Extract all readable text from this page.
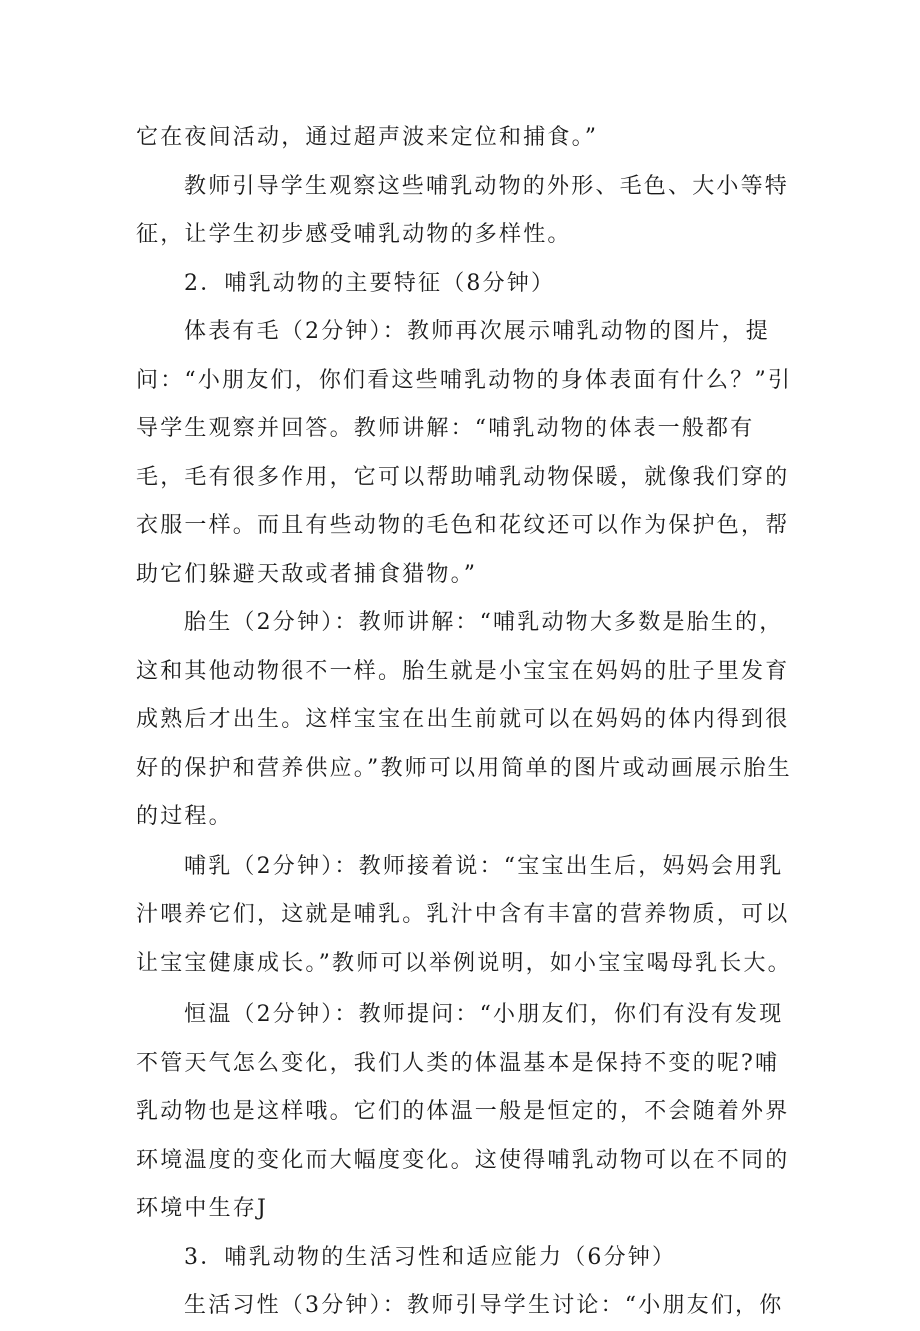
它在夜间活动，通过超声波来定位和捕食。”

教师引导学生观察这些哺乳动物的外形、毛色、大小等特征，让学生初步感受哺乳动物的多样性。

2．哺乳动物的主要特征（8分钟）

体表有毛（2分钟）：教师再次展示哺乳动物的图片，提问：“小朋友们，你们看这些哺乳动物的身体表面有什么？”引导学生观察并回答。教师讲解：“哺乳动物的体表一般都有毛，毛有很多作用，它可以帮助哺乳动物保暖，就像我们穿的衣服一样。而且有些动物的毛色和花纹还可以作为保护色，帮助它们躲避天敌或者捕食猎物。”

胎生（2分钟）：教师讲解：“哺乳动物大多数是胎生的，这和其他动物很不一样。胎生就是小宝宝在妈妈的肚子里发育成熟后才出生。这样宝宝在出生前就可以在妈妈的体内得到很好的保护和营养供应。”教师可以用简单的图片或动画展示胎生的过程。

哺乳（2分钟）：教师接着说：“宝宝出生后，妈妈会用乳汁喂养它们，这就是哺乳。乳汁中含有丰富的营养物质，可以让宝宝健康成长。”教师可以举例说明，如小宝宝喝母乳长大。

恒温（2分钟）：教师提问：“小朋友们，你们有没有发现不管天气怎么变化，我们人类的体温基本是保持不变的呢?哺乳动物也是这样哦。它们的体温一般是恒定的，不会随着外界环境温度的变化而大幅度变化。这使得哺乳动物可以在不同的环境中生存J

3．哺乳动物的生活习性和适应能力（6分钟）

生活习性（3分钟）：教师引导学生讨论：“小朋友们，你
